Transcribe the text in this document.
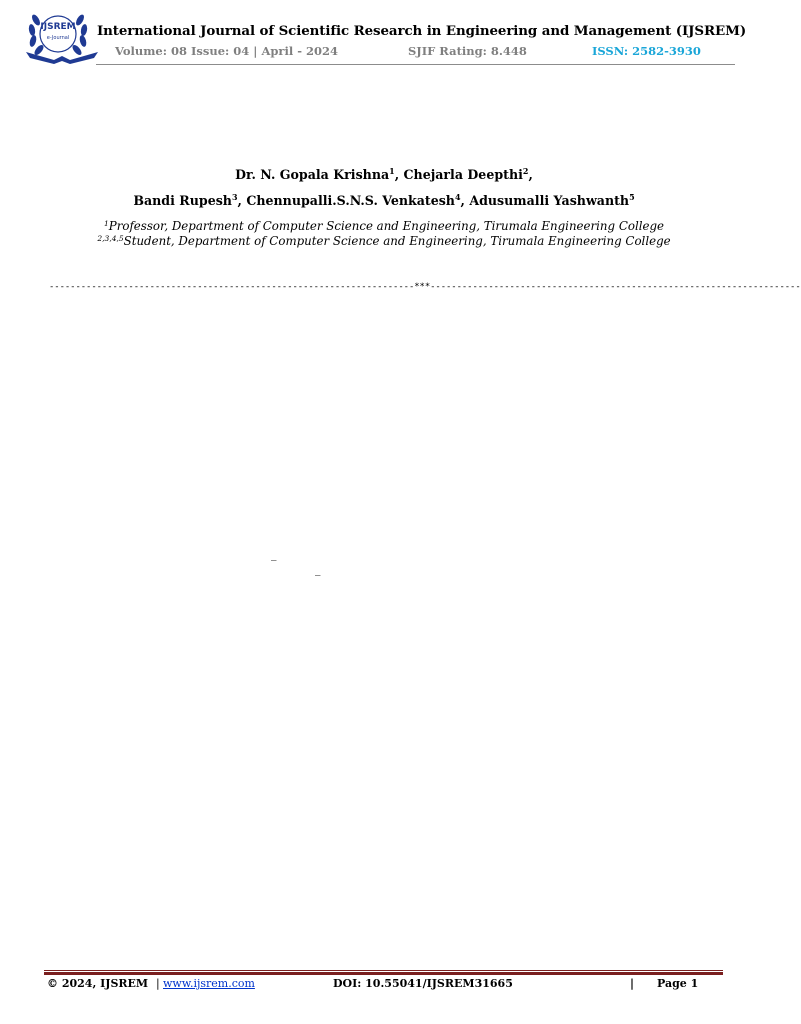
IJSREM
e-Journal International Journal of Scientific Research in Engineering and Management (IJSREM)
Volume: 08 Issue: 04 | April - 2024	SJIF Rating: 8.448	ISSN: 2582-3930
Dr. N. Gopala Krishna$^1$, Chejarla Deepthi$^2$,
Bandi Rupesh$^3$, Chennupalli.S.N.S. Venkatesh$^4$, Adusumalli Yashwanth$^5$
$^1$Professor, Department of Computer Science and Engineering, Tirumala Engineering College
$^{2,3,4,5}$Student, Department of Computer Science and Engineering, Tirumala Engineering College
---------------------------------------------------------------------***----------------------------------------------------------------------
_
_
© 2024, IJSREM | www.ijsrem.com	DOI: 10.55041/IJSREM31665	| Page 1
